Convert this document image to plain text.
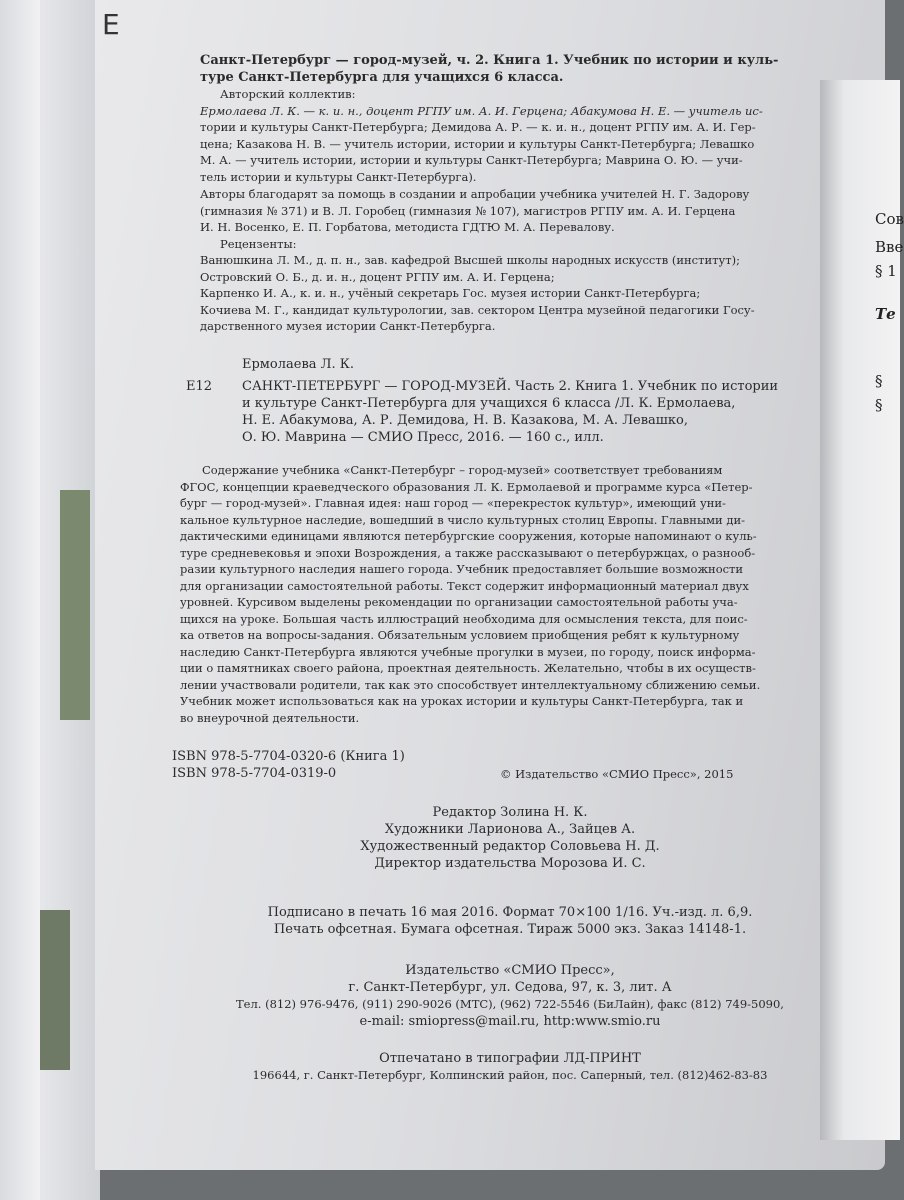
Сов
Вве
§ 1
Те
§
§
Е
Санкт-Петербург — город-музей, ч. 2. Книга 1. Учебник по истории и куль-
туре Санкт-Петербурга для учащихся 6 класса.
Авторский коллектив:
Ермолаева Л. К. — к. и. н., доцент РГПУ им. А. И. Герцена; Абакумова Н. Е. — учитель ис-
тории и культуры Санкт-Петербурга; Демидова А. Р. — к. и. н., доцент РГПУ им. А. И. Гер-
цена; Казакова Н. В. — учитель истории, истории и культуры Санкт-Петербурга; Левашко
М. А. — учитель истории, истории и культуры Санкт-Петербурга; Маврина О. Ю. — учи-
тель истории и культуры Санкт-Петербурга).
Авторы благодарят за помощь в создании и апробации учебника учителей Н. Г. Задорову
(гимназия № 371) и В. Л. Горобец (гимназия № 107), магистров РГПУ им. А. И. Герцена
И. Н. Восенко, Е. П. Горбатова, методиста ГДТЮ М. А. Перевалову.
Рецензенты:
Ванюшкина Л. М., д. п. н., зав. кафедрой Высшей школы народных искусств (институт);
Островский О. Б., д. и. н., доцент РГПУ им. А. И. Герцена;
Карпенко И. А., к. и. н., учёный секретарь Гос. музея истории Санкт-Петербурга;
Кочиева М. Г., кандидат культурологии, зав. сектором Центра музейной педагогики Госу-
дарственного музея истории Санкт-Петербурга.
Ермолаева Л. К.
Е12 САНКТ-ПЕТЕРБУРГ — ГОРОД-МУЗЕЙ. Часть 2. Книга 1. Учебник по истории
и культуре Санкт-Петербурга для учащихся 6 класса /Л. К. Ермолаева,
Н. Е. Абакумова, А. Р. Демидова, Н. В. Казакова, М. А. Левашко,
О. Ю. Маврина — СМИО Пресс, 2016. — 160 с., илл.
Содержание учебника «Санкт-Петербург – город-музей» соответствует требованиям
ФГОС, концепции краеведческого образования Л. К. Ермолаевой и программе курса «Петер-
бург — город-музей». Главная идея: наш город — «перекресток культур», имеющий уни-
кальное культурное наследие, вошедший в число культурных столиц Европы. Главными ди-
дактическими единицами являются петербургские сооружения, которые напоминают о куль-
туре средневековья и эпохи Возрождения, а также рассказывают о петербуржцах, о разнооб-
разии культурного наследия нашего города. Учебник предоставляет большие возможности
для организации самостоятельной работы. Текст содержит информационный материал двух
уровней. Курсивом выделены рекомендации по организации самостоятельной работы уча-
щихся на уроке. Большая часть иллюстраций необходима для осмысления текста, для поис-
ка ответов на вопросы-задания. Обязательным условием приобщения ребят к культурному
наследию Санкт-Петербурга являются учебные прогулки в музеи, по городу, поиск информа-
ции о памятниках своего района, проектная деятельность. Желательно, чтобы в их осуществ-
лении участвовали родители, так как это способствует интеллектуальному сближению семьи.
Учебник может использоваться как на уроках истории и культуры Санкт-Петербурга, так и
во внеурочной деятельности.
ISBN 978-5-7704-0320-6 (Книга 1)
ISBN 978-5-7704-0319-0	© Издательство «СМИО Пресс», 2015
Редактор Золина Н. К.
Художники Ларионова А., Зайцев А.
Художественный редактор Соловьева Н. Д.
Директор издательства Морозова И. С.
Подписано в печать 16 мая 2016. Формат 70×100 1/16. Уч.-изд. л. 6,9.
Печать офсетная. Бумага офсетная. Тираж 5000 экз. Заказ 14148-1.
Издательство «СМИО Пресс»,
г. Санкт-Петербург, ул. Седова, 97, к. 3, лит. А
Тел. (812) 976-9476, (911) 290-9026 (МТС), (962) 722-5546 (БиЛайн), факс (812) 749-5090,
e-mail: smiopress@mail.ru, http:www.smio.ru
Отпечатано в типографии ЛД-ПРИНТ
196644, г. Санкт-Петербург, Колпинский район, пос. Саперный, тел. (812)462-83-83
